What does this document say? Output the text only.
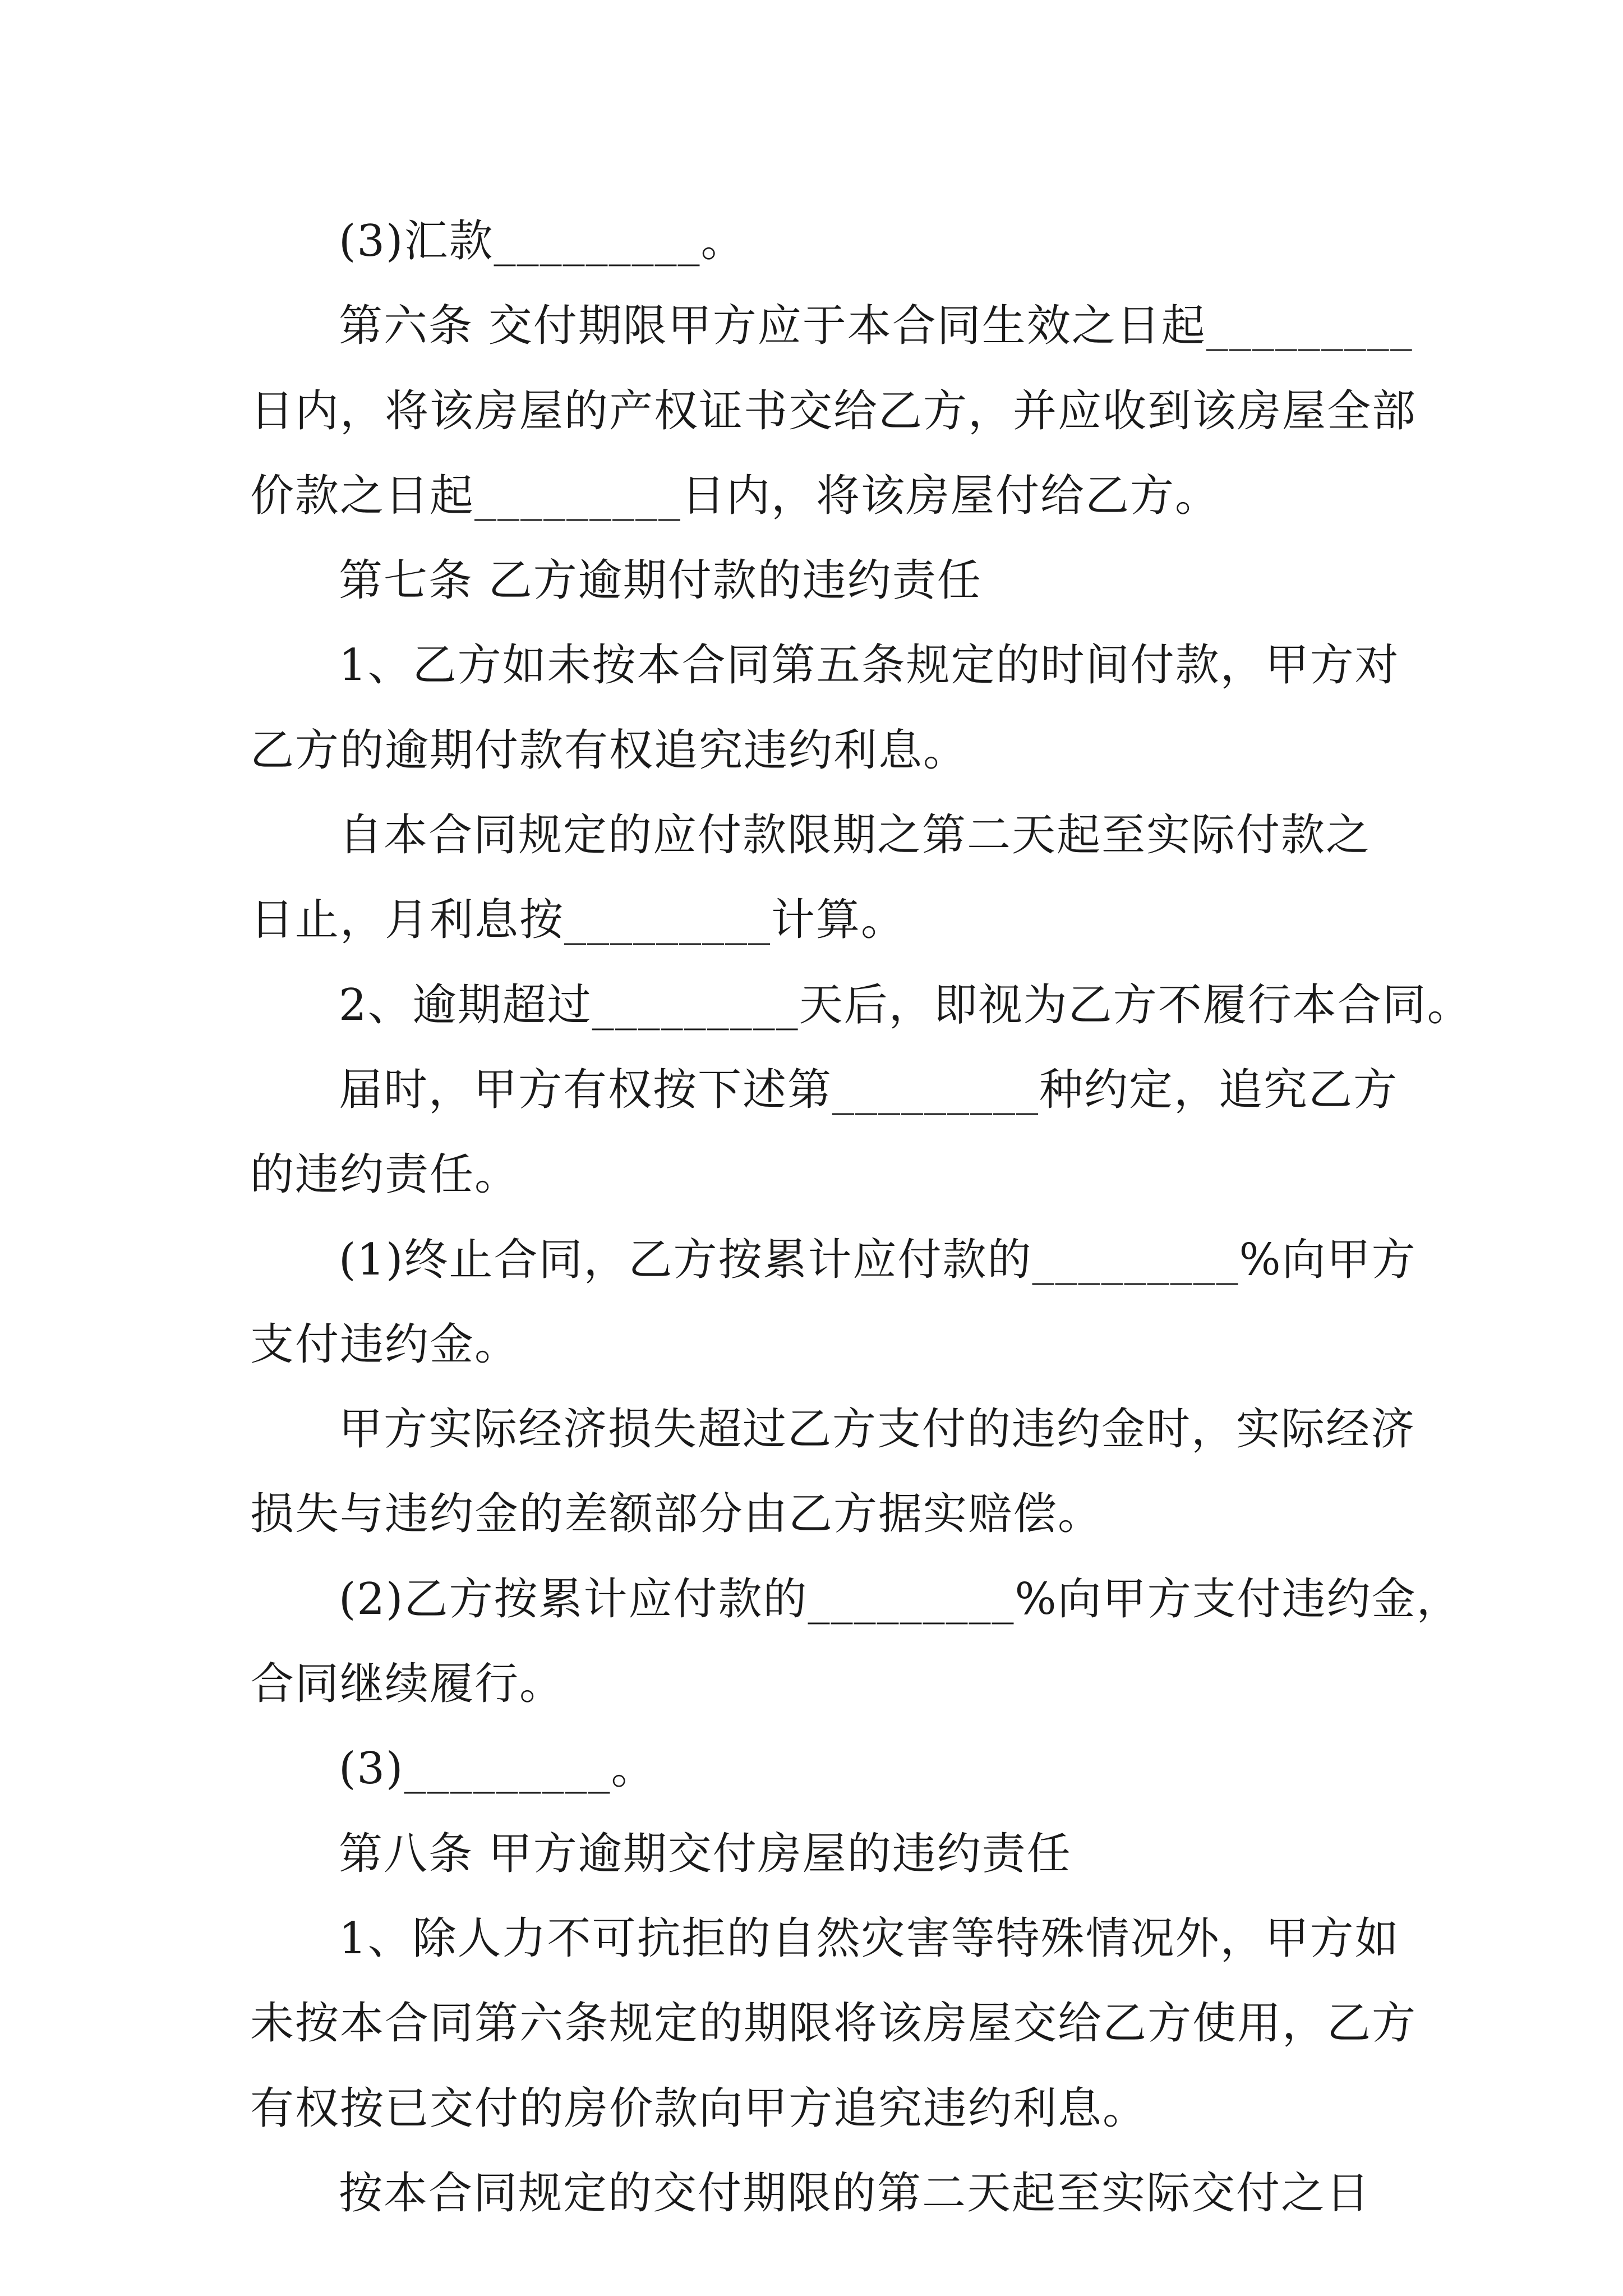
(3)汇款_________。
第六条 交付期限甲方应于本合同生效之日起_________
日内，将该房屋的产权证书交给乙方，并应收到该房屋全部
价款之日起_________日内，将该房屋付给乙方。
第七条 乙方逾期付款的违约责任
1、乙方如未按本合同第五条规定的时间付款，甲方对
乙方的逾期付款有权追究违约利息。
自本合同规定的应付款限期之第二天起至实际付款之
日止，月利息按_________计算。
2、逾期超过_________天后，即视为乙方不履行本合同。
届时，甲方有权按下述第_________种约定，追究乙方
的违约责任。
(1)终止合同，乙方按累计应付款的_________%向甲方
支付违约金。
甲方实际经济损失超过乙方支付的违约金时，实际经济
损失与违约金的差额部分由乙方据实赔偿。
(2)乙方按累计应付款的_________%向甲方支付违约金，
合同继续履行。
(3)_________。
第八条 甲方逾期交付房屋的违约责任
1、除人力不可抗拒的自然灾害等特殊情况外，甲方如
未按本合同第六条规定的期限将该房屋交给乙方使用，乙方
有权按已交付的房价款向甲方追究违约利息。
按本合同规定的交付期限的第二天起至实际交付之日
